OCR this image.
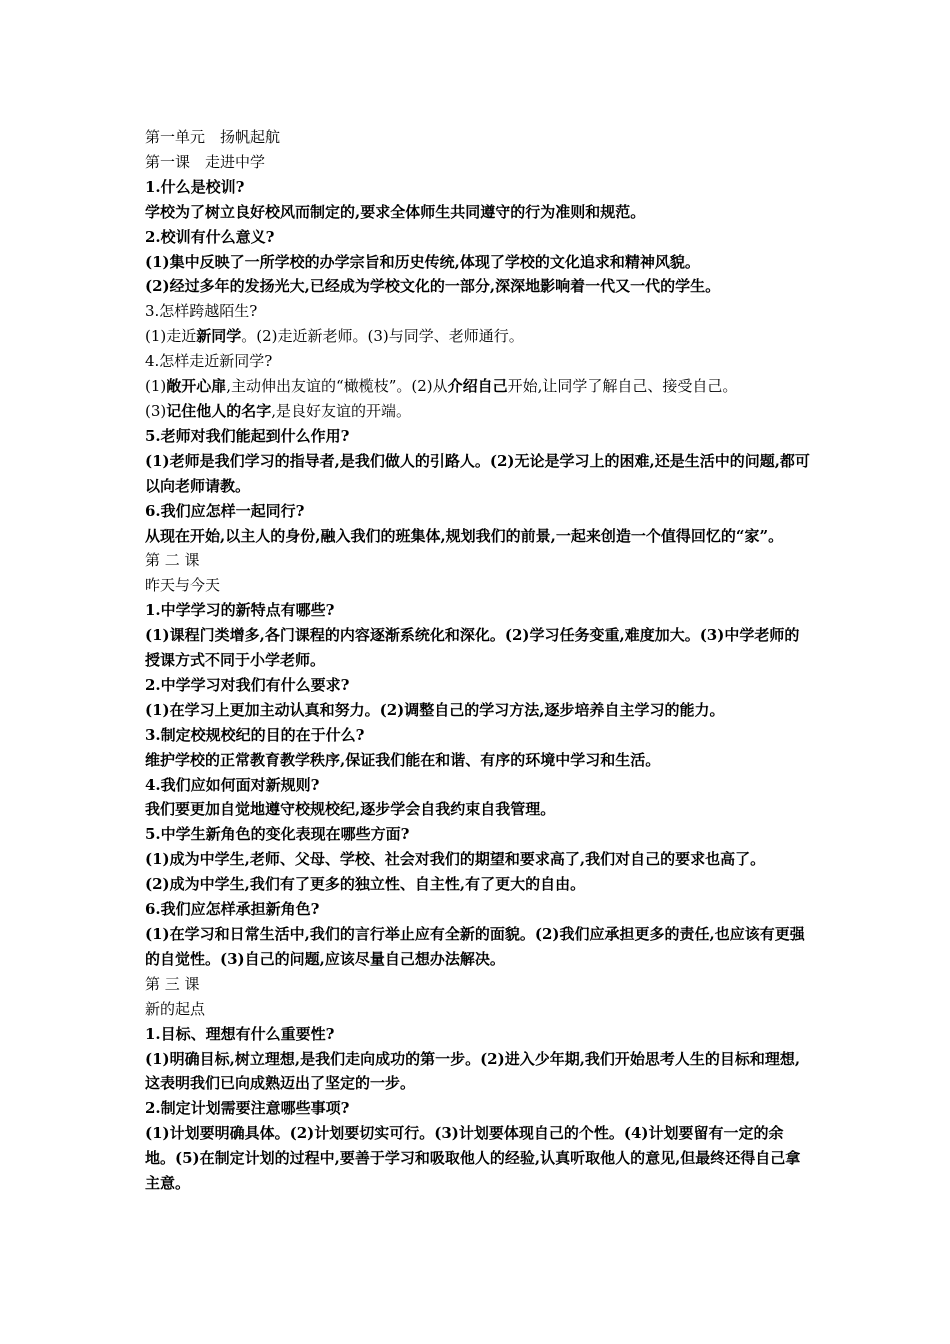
第一单元　扬帆起航

第一课　走进中学

1.什么是校训?

学校为了树立良好校风而制定的,要求全体师生共同遵守的行为准则和规范。

2.校训有什么意义?

(1)集中反映了一所学校的办学宗旨和历史传统,体现了学校的文化追求和精神风貌。

(2)经过多年的发扬光大,已经成为学校文化的一部分,深深地影响着一代又一代的学生。

3.怎样跨越陌生?

(1)走近新同学。(2)走近新老师。(3)与同学、老师通行。

4.怎样走近新同学?

(1)敞开心扉,主动伸出友谊的“橄榄枝”。(2)从介绍自己开始,让同学了解自己、接受自己。

(3)记住他人的名字,是良好友谊的开端。

5.老师对我们能起到什么作用?

(1)老师是我们学习的指导者,是我们做人的引路人。(2)无论是学习上的困难,还是生活中的问题,都可以向老师请教。

6.我们应怎样一起同行?

从现在开始,以主人的身份,融入我们的班集体,规划我们的前景,一起来创造一个值得回忆的“家”。

第 二 课

昨天与今天

1.中学学习的新特点有哪些?

(1)课程门类增多,各门课程的内容逐渐系统化和深化。(2)学习任务变重,难度加大。(3)中学老师的授课方式不同于小学老师。

2.中学学习对我们有什么要求?

(1)在学习上更加主动认真和努力。(2)调整自己的学习方法,逐步培养自主学习的能力。

3.制定校规校纪的目的在于什么?

维护学校的正常教育教学秩序,保证我们能在和谐、有序的环境中学习和生活。

4.我们应如何面对新规则?

我们要更加自觉地遵守校规校纪,逐步学会自我约束自我管理。

5.中学生新角色的变化表现在哪些方面?

(1)成为中学生,老师、父母、学校、社会对我们的期望和要求高了,我们对自己的要求也高了。

(2)成为中学生,我们有了更多的独立性、自主性,有了更大的自由。

6.我们应怎样承担新角色?

(1)在学习和日常生活中,我们的言行举止应有全新的面貌。(2)我们应承担更多的责任,也应该有更强的自觉性。(3)自己的问题,应该尽量自己想办法解决。

第 三 课

新的起点

1.目标、理想有什么重要性?

(1)明确目标,树立理想,是我们走向成功的第一步。(2)进入少年期,我们开始思考人生的目标和理想,这表明我们已向成熟迈出了坚定的一步。

2.制定计划需要注意哪些事项?

(1)计划要明确具体。(2)计划要切实可行。(3)计划要体现自己的个性。(4)计划要留有一定的余地。(5)在制定计划的过程中,要善于学习和吸取他人的经验,认真听取他人的意见,但最终还得自己拿主意。
